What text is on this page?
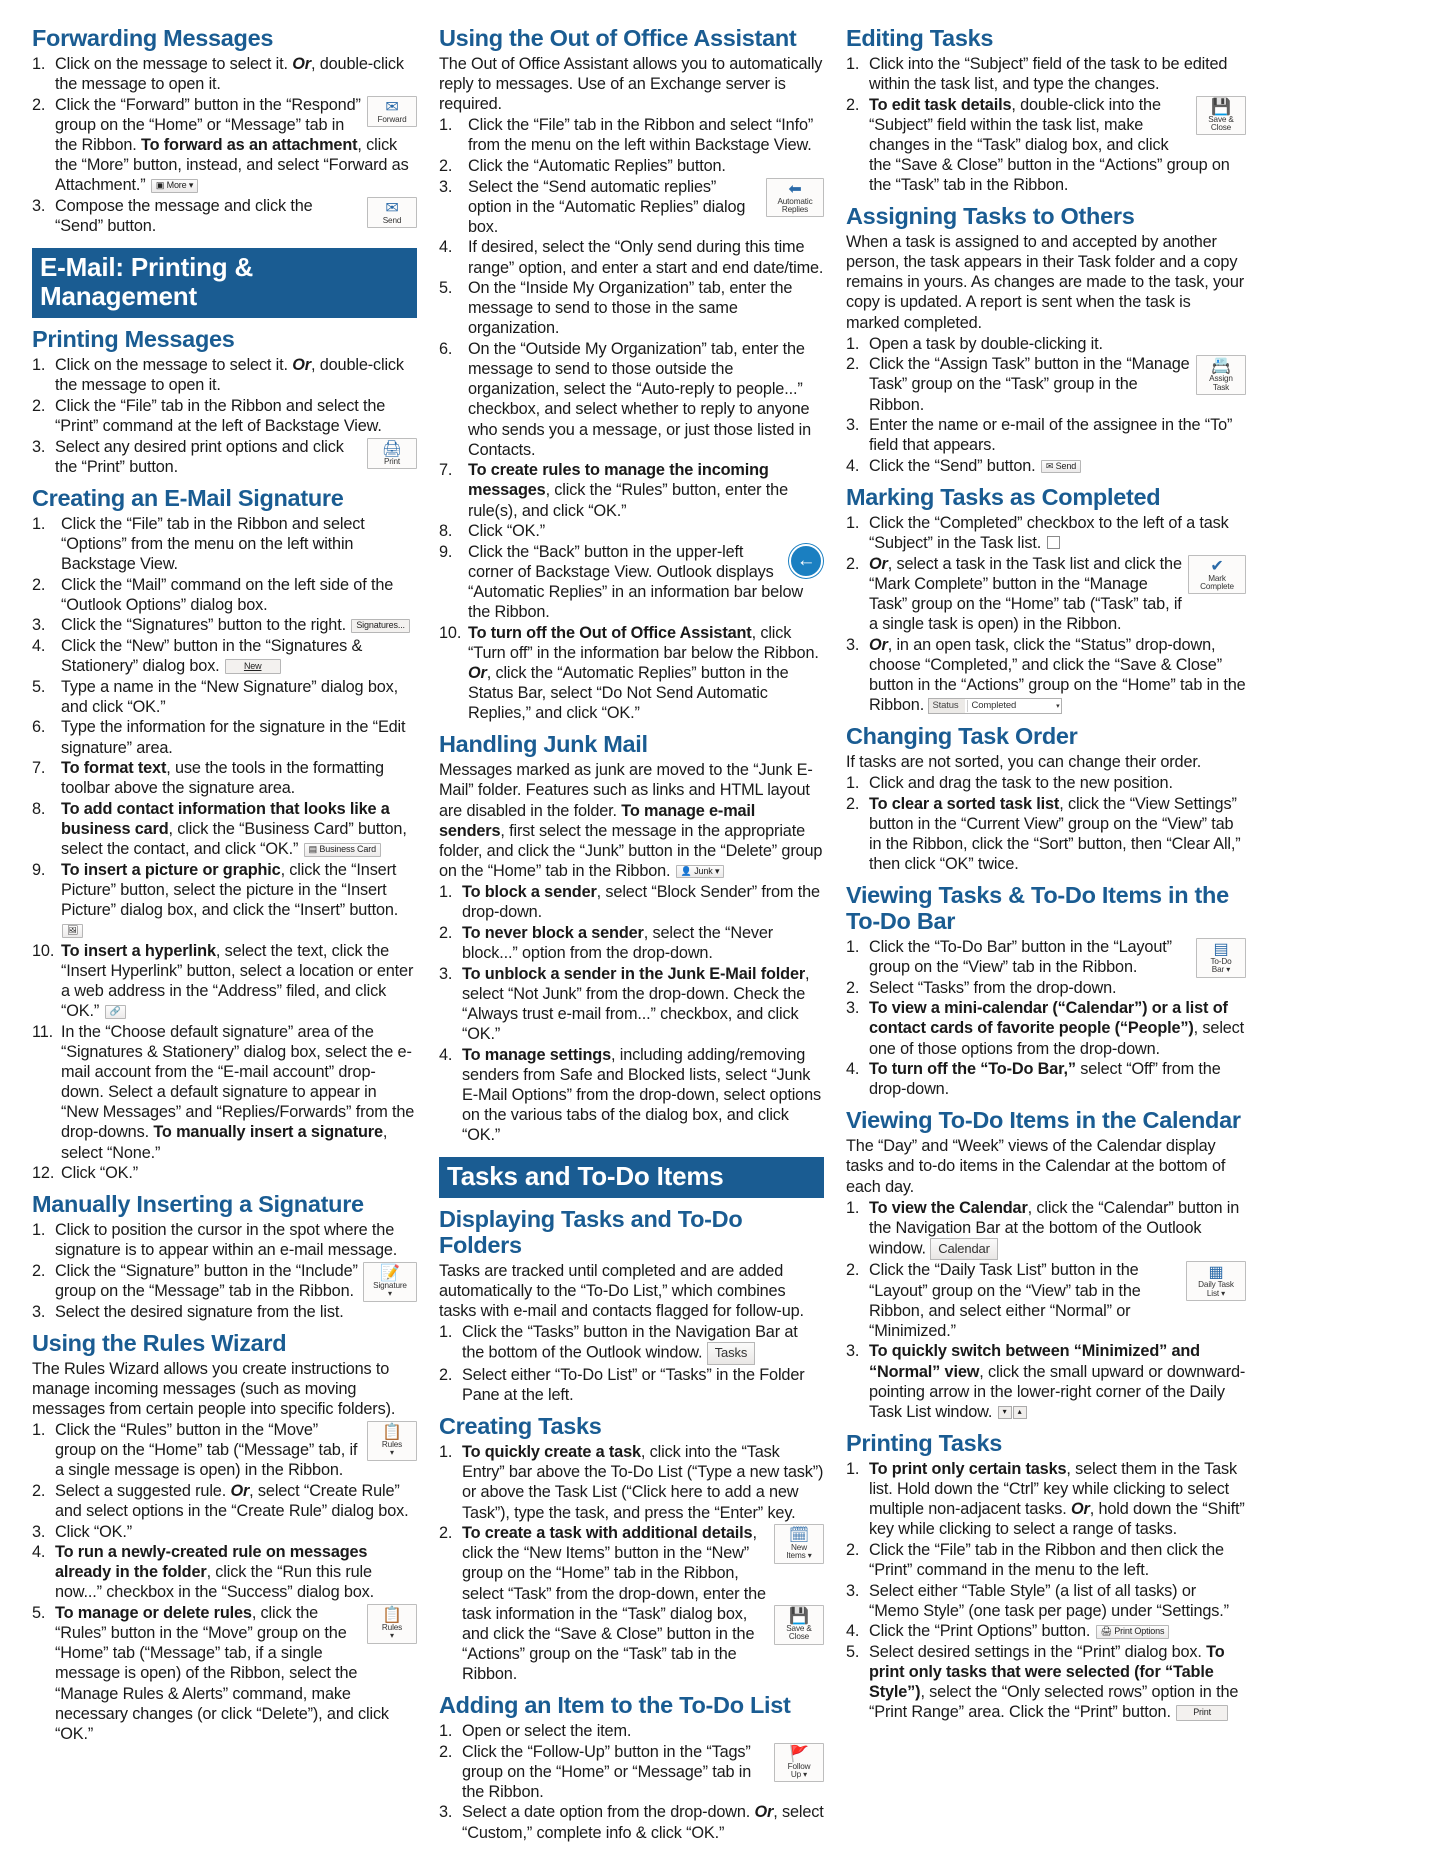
Forwarding Messages
Click on the message to select it. Or, double-click the message to open it.
✉
Forward
Click the “Forward” button in the “Respond” group on the “Home” or “Message” tab in the Ribbon. To forward as an attachment, click the “More” button, instead, and select “Forward as Attachment.” ▣ More ▾
✉
Send
Compose the message and click the “Send” button.
E-Mail: Printing & Management
Printing Messages
Click on the message to select it. Or, double-click the message to open it.
Click the “File” tab in the Ribbon and select the “Print” command at the left of Backstage View.
🖨
Print
Select any desired print options and click the “Print” button.
Creating an E-Mail Signature
Click the “File” tab in the Ribbon and select “Options” from the menu on the left within Backstage View.
Click the “Mail” command on the left side of the “Outlook Options” dialog box.
Click the “Signatures” button to the right. Signatures...
Click the “New” button in the “Signatures & Stationery” dialog box.	New
Type a name in the “New Signature” dialog box, and click “OK.”
Type the information for the signature in the “Edit signature” area.
To format text, use the tools in the formatting toolbar above the signature area.
To add contact information that looks like a business card, click the “Business Card” button, select the contact, and click “OK.” ▤ Business Card
To insert a picture or graphic, click the “Insert Picture” button, select the picture in the “Insert Picture” dialog box, and click the “Insert” button. 🖼
To insert a hyperlink, select the text, click the “Insert Hyperlink” button, select a location or enter a web address in the “Address” filed, and click “OK.” 🔗
In the “Choose default signature” area of the “Signatures & Stationery” dialog box, select the e-mail account from the “E-mail account” drop-down. Select a default signature to appear in “New Messages” and “Replies/Forwards” from the drop-downs. To manually insert a signature, select “None.”
Click “OK.”
Manually Inserting a Signature
Click to position the cursor in the spot where the signature is to appear within an e-mail message.
📝
Signature
▾
Click the “Signature” button in the “Include” group on the “Message” tab in the Ribbon.
Select the desired signature from the list.
Using the Rules Wizard

The Rules Wizard allows you create instructions to manage incoming messages (such as moving messages from certain people into specific folders).

📋
Rules
▾
Click the “Rules” button in the “Move” group on the “Home” tab (“Message” tab, if a single message is open) in the Ribbon.
Select a suggested rule. Or, select “Create Rule” and select options in the “Create Rule” dialog box.
Click “OK.”
To run a newly-created rule on messages already in the folder, click the “Run this rule now...” checkbox in the “Success” dialog box.
📋
Rules
▾
To manage or delete rules, click the “Rules” button in the “Move” group on the “Home” tab (“Message” tab, if a single message is open) of the Ribbon, select the “Manage Rules & Alerts” command, make necessary changes (or click “Delete”), and click “OK.”
Using the Out of Office Assistant

The Out of Office Assistant allows you to automatically reply to messages. Use of an Exchange server is required.

Click the “File” tab in the Ribbon and select “Info” from the menu on the left within Backstage View.
Click the “Automatic Replies” button.
⬅
Automatic
Replies
Select the “Send automatic replies” option in the “Automatic Replies” dialog box.
If desired, select the “Only send during this time range” option, and enter a start and end date/time.
On the “Inside My Organization” tab, enter the message to send to those in the same organization.
On the “Outside My Organization” tab, enter the message to send to those outside the organization, select the “Auto-reply to people...” checkbox, and select whether to reply to anyone who sends you a message, or just those listed in Contacts.
To create rules to manage the incoming messages, click the “Rules” button, enter the rule(s), and click “OK.”
Click “OK.”
←
Click the “Back” button in the upper-left corner of Backstage View. Outlook displays “Automatic Replies” in an information bar below the Ribbon.
To turn off the Out of Office Assistant, click “Turn off” in the information bar below the Ribbon. Or, click the “Automatic Replies” button in the Status Bar, select “Do Not Send Automatic Replies,” and click “OK.”
Handling Junk Mail

Messages marked as junk are moved to the “Junk E-Mail” folder. Features such as links and HTML layout are disabled in the folder. To manage e-mail senders, first select the message in the appropriate folder, and click the “Junk” button in the “Delete” group on the “Home” tab in the Ribbon. 👤 Junk ▾

To block a sender, select “Block Sender” from the drop-down.
To never block a sender, select the “Never block...” option from the drop-down.
To unblock a sender in the Junk E-Mail folder, select “Not Junk” from the drop-down. Check the “Always trust e-mail from...” checkbox, and click “OK.”
To manage settings, including adding/removing senders from Safe and Blocked lists, select “Junk E-Mail Options” from the drop-down, select options on the various tabs of the dialog box, and click “OK.”
Tasks and To-Do Items
Displaying Tasks and To-Do Folders

Tasks are tracked until completed and are added automatically to the “To-Do List,” which combines tasks with e-mail and contacts flagged for follow-up.

Click the “Tasks” button in the Navigation Bar at the bottom of the Outlook window. Tasks
Select either “To-Do List” or “Tasks” in the Folder Pane at the left.
Creating Tasks
To quickly create a task, click into the “Task Entry” bar above the To-Do List (“Type a new task”) or above the Task List (“Click here to add a new Task”), type the task, and press the “Enter” key.
🗓
New
Items ▾
💾
Save &
Close
To create a task with additional details, click the “New Items” button in the “New” group on the “Home” tab in the Ribbon, select “Task” from the drop-down, enter the task information in the “Task” dialog box, and click the “Save & Close” button in the “Actions” group on the “Task” tab in the Ribbon.
Adding an Item to the To-Do List
Open or select the item.
🚩
Follow
Up ▾
Click the “Follow-Up” button in the “Tags” group on the “Home” or “Message” tab in the Ribbon.
Select a date option from the drop-down. Or, select “Custom,” complete info & click “OK.”
Editing Tasks
Click into the “Subject” field of the task to be edited within the task list, and type the changes.
💾
Save &
Close
To edit task details, double-click into the “Subject” field within the task list, make changes in the “Task” dialog box, and click the “Save & Close” button in the “Actions” group on the “Task” tab in the Ribbon.
Assigning Tasks to Others

When a task is assigned to and accepted by another person, the task appears in their Task folder and a copy remains in yours. As changes are made to the task, your copy is updated. A report is sent when the task is marked completed.

Open a task by double-clicking it.
📇
Assign
Task
Click the “Assign Task” button in the “Manage Task” group on the “Task” group in the Ribbon.
Enter the name or e-mail of the assignee in the “To” field that appears.
Click the “Send” button. ✉ Send
Marking Tasks as Completed
Click the “Completed” checkbox to the left of a task “Subject” in the Task list.
✔
Mark
Complete
Or, select a task in the Task list and click the “Mark Complete” button in the “Manage Task” group on the “Home” tab (“Task” tab, if a single task is open) in the Ribbon.
Or, in an open task, click the “Status” drop-down, choose “Completed,” and click the “Save & Close” button in the “Actions” group on the “Home” tab in the Ribbon. Status Completed	▾
Changing Task Order

If tasks are not sorted, you can change their order.

Click and drag the task to the new position.
To clear a sorted task list, click the “View Settings” button in the “Current View” group on the “View” tab in the Ribbon, click the “Sort” button, then “Clear All,” then click “OK” twice.
Viewing Tasks & To-Do Items in the To-Do Bar
▤
To-Do
Bar ▾
Click the “To-Do Bar” button in the “Layout” group on the “View” tab in the Ribbon.
Select “Tasks” from the drop-down.
To view a mini-calendar (“Calendar”) or a list of contact cards of favorite people (“People”), select one of those options from the drop-down.
To turn off the “To-Do Bar,” select “Off” from the drop-down.
Viewing To-Do Items in the Calendar

The “Day” and “Week” views of the Calendar display tasks and to-do items in the Calendar at the bottom of each day.

To view the Calendar, click the “Calendar” button in the Navigation Bar at the bottom of the Outlook window. Calendar
▦
Daily Task
List ▾
Click the “Daily Task List” button in the “Layout” group on the “View” tab in the Ribbon, and select either “Normal” or “Minimized.”
To quickly switch between “Minimized” and “Normal” view, click the small upward or downward-pointing arrow in the lower-right corner of the Daily Task List window. ▾ ▴
Printing Tasks
To print only certain tasks, select them in the Task list. Hold down the “Ctrl” key while clicking to select multiple non-adjacent tasks. Or, hold down the “Shift” key while clicking to select a range of tasks.
Click the “File” tab in the Ribbon and then click the “Print” command in the menu to the left.
Select either “Table Style” (a list of all tasks) or “Memo Style” (one task per page) under “Settings.”
Click the “Print Options” button. 🖨 Print Options
Select desired settings in the “Print” dialog box. To print only tasks that were selected (for “Table Style”), select the “Only selected rows” option in the “Print Range” area. Click the “Print” button. Print
